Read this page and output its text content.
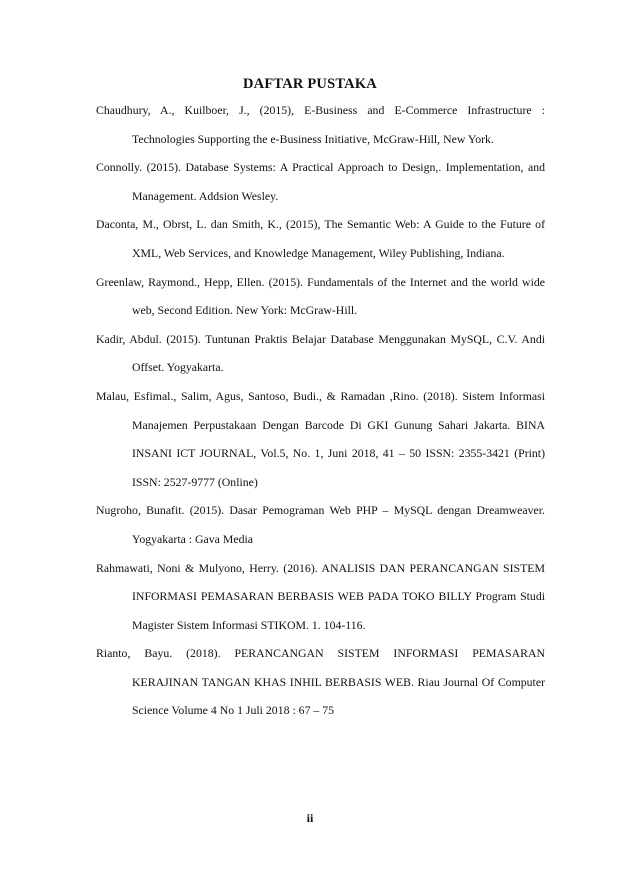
DAFTAR PUSTAKA

Chaudhury, A., Kuilboer, J., (2015), E-Business and E-Commerce Infrastructure : Technologies Supporting the e-Business Initiative, McGraw-Hill, New York.

Connolly. (2015). Database Systems: A Practical Approach to Design,. Implementation, and Management. Addsion Wesley.

Daconta, M., Obrst, L. dan Smith, K., (2015), The Semantic Web: A Guide to the Future of XML, Web Services, and Knowledge Management, Wiley Publishing, Indiana.

Greenlaw, Raymond., Hepp, Ellen. (2015). Fundamentals of the Internet and the world wide web, Second Edition. New York: McGraw-Hill.

Kadir, Abdul. (2015). Tuntunan Praktis Belajar Database Menggunakan MySQL, C.V. Andi Offset. Yogyakarta.

Malau, Esfimal., Salim, Agus, Santoso, Budi., & Ramadan ,Rino. (2018). Sistem Informasi Manajemen Perpustakaan Dengan Barcode Di GKI Gunung Sahari Jakarta. BINA INSANI ICT JOURNAL, Vol.5, No. 1, Juni 2018, 41 – 50 ISSN: 2355-3421 (Print) ISSN: 2527-9777 (Online)

Nugroho, Bunafit. (2015). Dasar Pemograman Web PHP – MySQL dengan Dreamweaver. Yogyakarta : Gava Media

Rahmawati, Noni & Mulyono, Herry. (2016). ANALISIS DAN PERANCANGAN SISTEM INFORMASI PEMASARAN BERBASIS WEB PADA TOKO BILLY Program Studi Magister Sistem Informasi STIKOM. 1. 104-116.

Rianto, Bayu. (2018). PERANCANGAN SISTEM INFORMASI PEMASARAN KERAJINAN TANGAN KHAS INHIL BERBASIS WEB. Riau Journal Of Computer Science Volume 4 No 1 Juli 2018 : 67 – 75

ii
